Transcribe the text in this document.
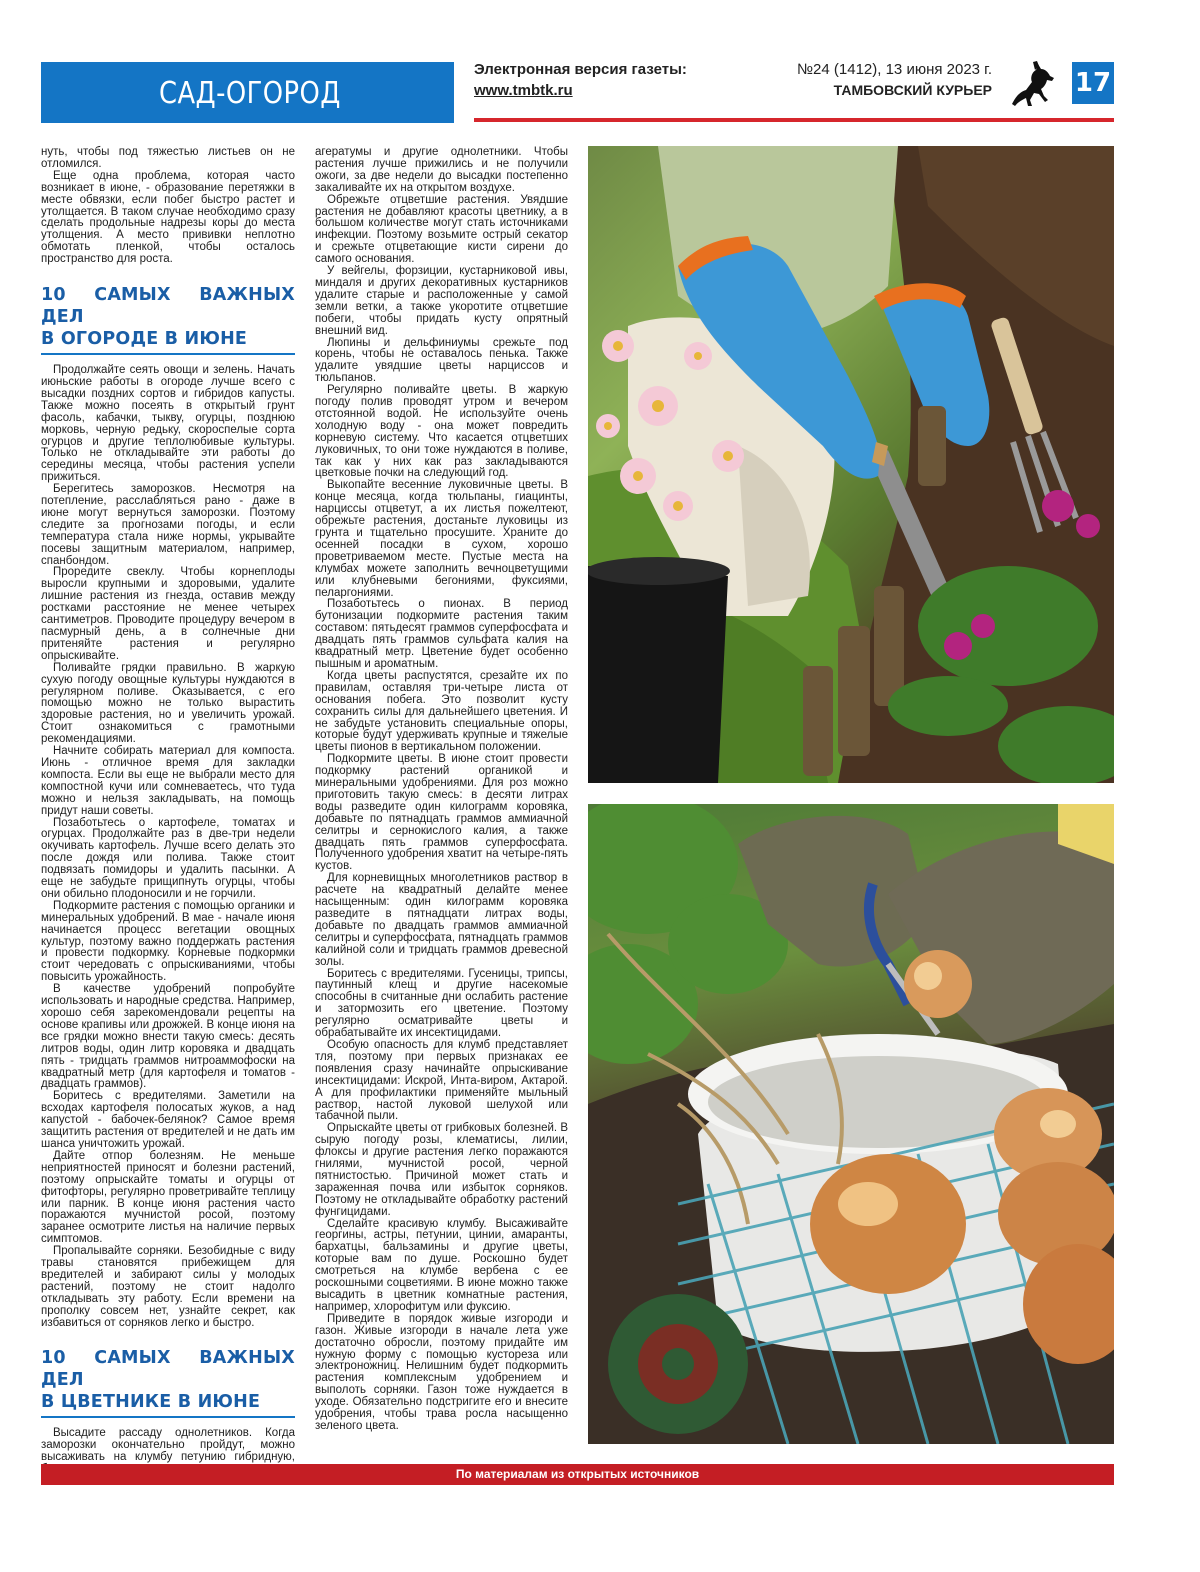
САД-ОГОРОД
Электронная версия газеты:
www.tmbtk.ru
№24 (1412), 13 июня 2023 г.
ТАМБОВСКИЙ КУРЬЕР	17

нуть, чтобы под тяжестью листьев он не отломился.

Еще одна проблема, которая часто возникает в июне, - образование перетяжки в месте обвязки, если побег быстро растет и утолщается. В таком случае необходимо сразу сделать продольные надрезы коры до места утолщения. А место прививки неплотно обмотать пленкой, чтобы осталось пространство для роста.

10 САМЫХ ВАЖНЫХ ДЕЛ
В ОГОРОДЕ В ИЮНЕ

Продолжайте сеять овощи и зелень. Начать июньские работы в огороде лучше всего с высадки поздних сортов и гибридов капусты. Также можно посеять в открытый грунт фасоль, кабачки, тыкву, огурцы, позднюю морковь, черную редьку, скороспелые сорта огурцов и другие теплолюбивые культуры. Только не откладывайте эти работы до середины месяца, чтобы растения успели прижиться.

Берегитесь заморозков. Несмотря на потепление, расслабляться рано - даже в июне могут вернуться заморозки. Поэтому следите за прогнозами погоды, и если температура стала ниже нормы, укрывайте посевы защитным материалом, например, спанбондом.

Проредите свеклу. Чтобы корнеплоды выросли крупными и здоровыми, удалите лишние растения из гнезда, оставив между ростками расстояние не менее четырех сантиметров. Проводите процедуру вечером в пасмурный день, а в солнечные дни притеняйте растения и регулярно опрыскивайте.

Поливайте грядки правильно. В жаркую сухую погоду овощные культуры нуждаются в регулярном поливе. Оказывается, с его помощью можно не только вырастить здоровые растения, но и увеличить урожай. Стоит ознакомиться с грамотными рекомендациями.

Начните собирать материал для компоста. Июнь - отличное время для закладки компоста. Если вы еще не выбрали место для компостной кучи или сомневаетесь, что туда можно и нельзя закладывать, на помощь придут наши советы.

Позаботьтесь о картофеле, томатах и огурцах. Продолжайте раз в две-три недели окучивать картофель. Лучше всего делать это после дождя или полива. Также стоит подвязать помидоры и удалить пасынки. А еще не забудьте прищипнуть огурцы, чтобы они обильно плодоносили и не горчили.

Подкормите растения с помощью органики и минеральных удобрений. В мае - начале июня начинается процесс вегетации овощных культур, поэтому важно поддержать растения и провести подкормку. Корневые подкормки стоит чередовать с опрыскиваниями, чтобы повысить урожайность.

В качестве удобрений попробуйте использовать и народные средства. Например, хорошо себя зарекомендовали рецепты на основе крапивы или дрожжей. В конце июня на все грядки можно внести такую смесь: десять литров воды, один литр коровяка и двадцать пять - тридцать граммов нитроаммофоски на квадратный метр (для картофеля и томатов - двадцать граммов).

Боритесь с вредителями. Заметили на всходах картофеля полосатых жуков, а над капустой - бабочек-белянок? Самое время защитить растения от вредителей и не дать им шанса уничтожить урожай.

Дайте отпор болезням. Не меньше неприятностей приносят и болезни растений, поэтому опрыскайте томаты и огурцы от фитофторы, регулярно проветривайте теплицу или парник. В конце июня растения часто поражаются мучнистой росой, поэтому заранее осмотрите листья на наличие первых симптомов.

Пропалывайте сорняки. Безобидные с виду травы становятся прибежищем для вредителей и забирают силы у молодых растений, поэтому не стоит надолго откладывать эту работу. Если времени на прополку совсем нет, узнайте секрет, как избавиться от сорняков легко и быстро.

10 САМЫХ ВАЖНЫХ ДЕЛ
В ЦВЕТНИКЕ В ИЮНЕ

Высадите рассаду однолетников. Когда заморозки окончательно пройдут, можно высаживать на клумбу петунию гибридную,

агератумы и другие однолетники. Чтобы растения лучше прижились и не получили ожоги, за две недели до высадки постепенно закаливайте их на открытом воздухе.

Обрежьте отцветшие растения. Увядшие растения не добавляют красоты цветнику, а в большом количестве могут стать источниками инфекции. Поэтому возьмите острый секатор и срежьте отцветающие кисти сирени до самого основания.

У вейгелы, форзиции, кустарниковой ивы, миндаля и других декоративных кустарников удалите старые и расположенные у самой земли ветки, а также укоротите отцветшие побеги, чтобы придать кусту опрятный внешний вид.

Люпины и дельфиниумы срежьте под корень, чтобы не оставалось пенька. Также удалите увядшие цветы нарциссов и тюльпанов.

Регулярно поливайте цветы. В жаркую погоду полив проводят утром и вечером отстоянной водой. Не используйте очень холодную воду - она может повредить корневую систему. Что касается отцветших луковичных, то они тоже нуждаются в поливе, так как у них как раз закладываются цветковые почки на следующий год.

Выкопайте весенние луковичные цветы. В конце месяца, когда тюльпаны, гиацинты, нарциссы отцветут, а их листья пожелтеют, обрежьте растения, достаньте луковицы из грунта и тщательно просушите. Храните до осенней посадки в сухом, хорошо проветриваемом месте. Пустые места на клумбах можете заполнить вечноцветущими или клубневыми бегониями, фуксиями, пеларгониями.

Позаботьтесь о пионах. В период бутонизации подкормите растения таким составом: пятьдесят граммов суперфосфата и двадцать пять граммов сульфата калия на квадратный метр. Цветение будет особенно пышным и ароматным.

Когда цветы распустятся, срезайте их по правилам, оставляя три-четыре листа от основания побега. Это позволит кусту сохранить силы для дальнейшего цветения. И не забудьте установить специальные опоры, которые будут удерживать крупные и тяжелые цветы пионов в вертикальном положении.

Подкормите цветы. В июне стоит провести подкормку растений органикой и минеральными удобрениями. Для роз можно приготовить такую смесь: в десяти литрах воды разведите один килограмм коровяка, добавьте по пятнадцать граммов аммиачной селитры и сернокислого калия, а также двадцать пять граммов суперфосфата. Полученного удобрения хватит на четыре-пять кустов.

Для корневищных многолетников раствор в расчете на квадратный делайте менее насыщенным: один килограмм коровяка разведите в пятнадцати литрах воды, добавьте по двадцать граммов аммиачной селитры и суперфосфата, пятнадцать граммов калийной соли и тридцать граммов древесной золы.

Боритесь с вредителями. Гусеницы, трипсы, паутинный клещ и другие насекомые способны в считанные дни ослабить растение и затормозить его цветение. Поэтому регулярно осматривайте цветы и обрабатывайте их инсектицидами.

Особую опасность для клумб представляет тля, поэтому при первых признаках ее появления сразу начинайте опрыскивание инсектицидами: Искрой, Инта-виром, Актарой. А для профилактики применяйте мыльный раствор, настой луковой шелухой или табачной пыли.

Опрыскайте цветы от грибковых болезней. В сырую погоду розы, клематисы, лилии, флоксы и другие растения легко поражаются гнилями, мучнистой росой, черной пятнистостью. Причиной может стать и зараженная почва или избыток сорняков. Поэтому не откладывайте обработку растений фунгицидами.

Сделайте красивую клумбу. Высаживайте георгины, астры, петунии, цинии, амаранты, бархатцы, бальзамины и другие цветы, которые вам по душе. Роскошно будет смотреться на клумбе вербена с ее роскошными соцветиями. В июне можно также высадить в цветник комнатные растения, например, хлорофитум или фуксию.

Приведите в порядок живые изгороди и газон. Живые изгороди в начале лета уже достаточно обросли, поэтому придайте им нужную форму с помощью кустореза или электроножниц. Нелишним будет подкормить растения комплексным удобрением и выполоть сорняки. Газон тоже нуждается в уходе. Обязательно подстригите его и внесите удобрения, чтобы трава росла насыщенно зеленого цвета.

По материалам из открытых источников
